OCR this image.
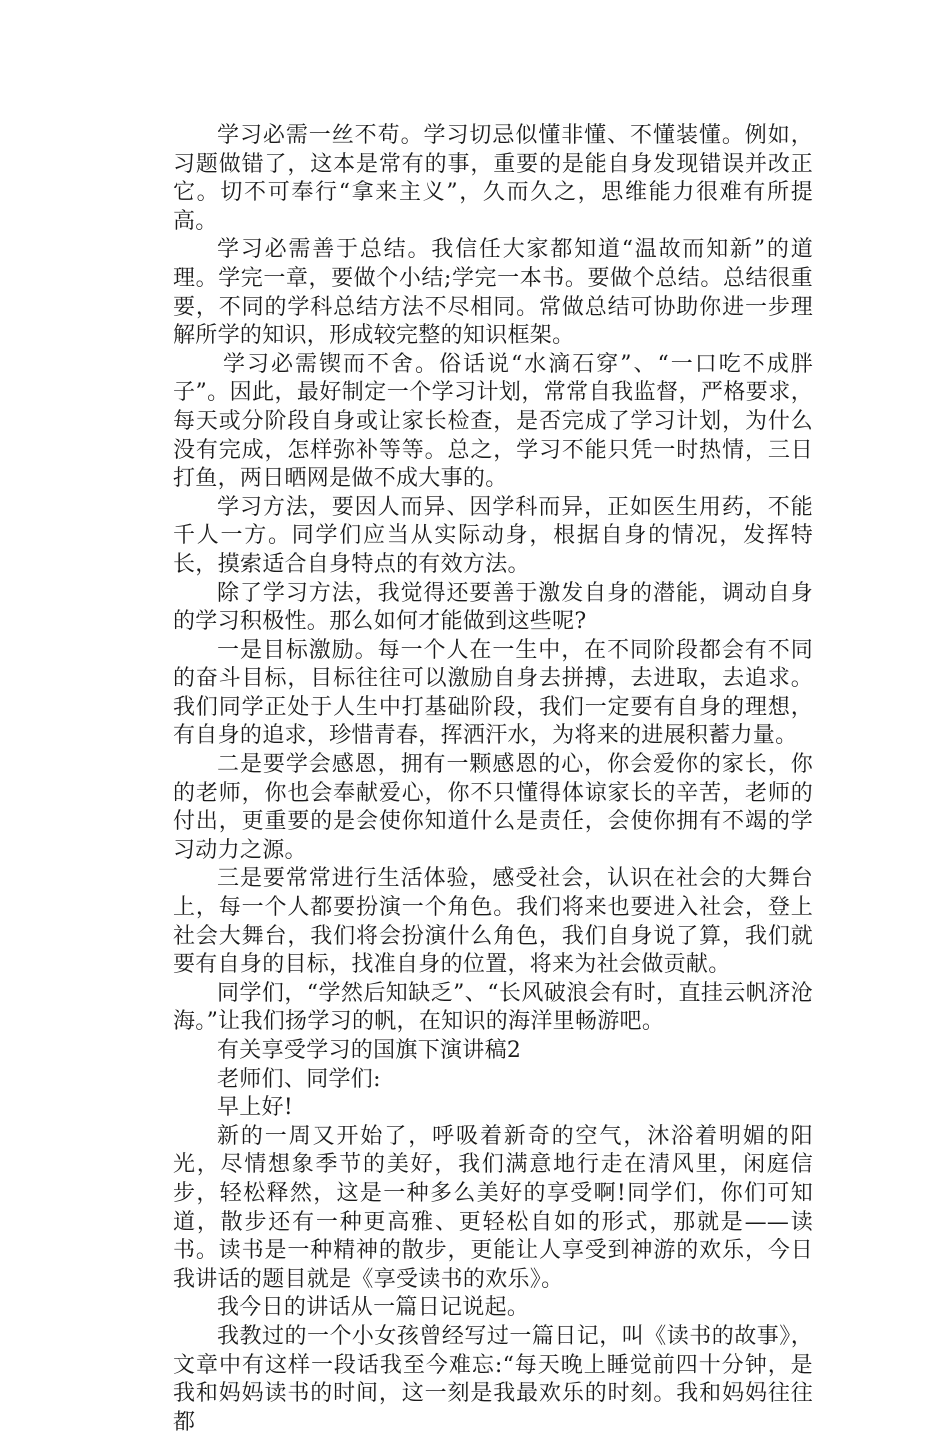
学习必需一丝不苟。学习切忌似懂非懂、不懂装懂。例如，习题做错了，这本是常有的事，重要的是能自身发现错误并改正它。切不可奉行“拿来主义”，久而久之，思维能力很难有所提高。

学习必需善于总结。我信任大家都知道“温故而知新”的道理。学完一章，要做个小结;学完一本书。要做个总结。总结很重要，不同的学科总结方法不尽相同。常做总结可协助你进一步理解所学的知识，形成较完整的知识框架。

学习必需锲而不舍。俗话说“水滴石穿”、“一口吃不成胖子”。因此，最好制定一个学习计划，常常自我监督，严格要求，每天或分阶段自身或让家长检查，是否完成了学习计划，为什么没有完成，怎样弥补等等。总之，学习不能只凭一时热情，三日打鱼，两日晒网是做不成大事的。

学习方法，要因人而异、因学科而异，正如医生用药，不能千人一方。同学们应当从实际动身，根据自身的情况，发挥特长，摸索适合自身特点的有效方法。

除了学习方法，我觉得还要善于激发自身的潜能，调动自身的学习积极性。那么如何才能做到这些呢?

一是目标激励。每一个人在一生中，在不同阶段都会有不同的奋斗目标，目标往往可以激励自身去拼搏，去进取，去追求。我们同学正处于人生中打基础阶段，我们一定要有自身的理想，有自身的追求，珍惜青春，挥洒汗水，为将来的进展积蓄力量。

二是要学会感恩，拥有一颗感恩的心，你会爱你的家长，你的老师，你也会奉献爱心，你不只懂得体谅家长的辛苦，老师的付出，更重要的是会使你知道什么是责任，会使你拥有不竭的学习动力之源。

三是要常常进行生活体验，感受社会，认识在社会的大舞台上，每一个人都要扮演一个角色。我们将来也要进入社会，登上社会大舞台，我们将会扮演什么角色，我们自身说了算，我们就要有自身的目标，找准自身的位置，将来为社会做贡献。

同学们，“学然后知缺乏”、“长风破浪会有时，直挂云帆济沧海。”让我们扬学习的帆，在知识的海洋里畅游吧。

有关享受学习的国旗下演讲稿2

老师们、同学们:

早上好!

新的一周又开始了，呼吸着新奇的空气，沐浴着明媚的阳光，尽情想象季节的美好，我们满意地行走在清风里，闲庭信步，轻松释然，这是一种多么美好的享受啊!同学们，你们可知道，散步还有一种更高雅、更轻松自如的形式，那就是——读书。读书是一种精神的散步，更能让人享受到神游的欢乐，今日我讲话的题目就是《享受读书的欢乐》。

我今日的讲话从一篇日记说起。

我教过的一个小女孩曾经写过一篇日记，叫《读书的故事》，文章中有这样一段话我至今难忘:“每天晚上睡觉前四十分钟，是我和妈妈读书的时间，这一刻是我最欢乐的时刻。我和妈妈往往都
